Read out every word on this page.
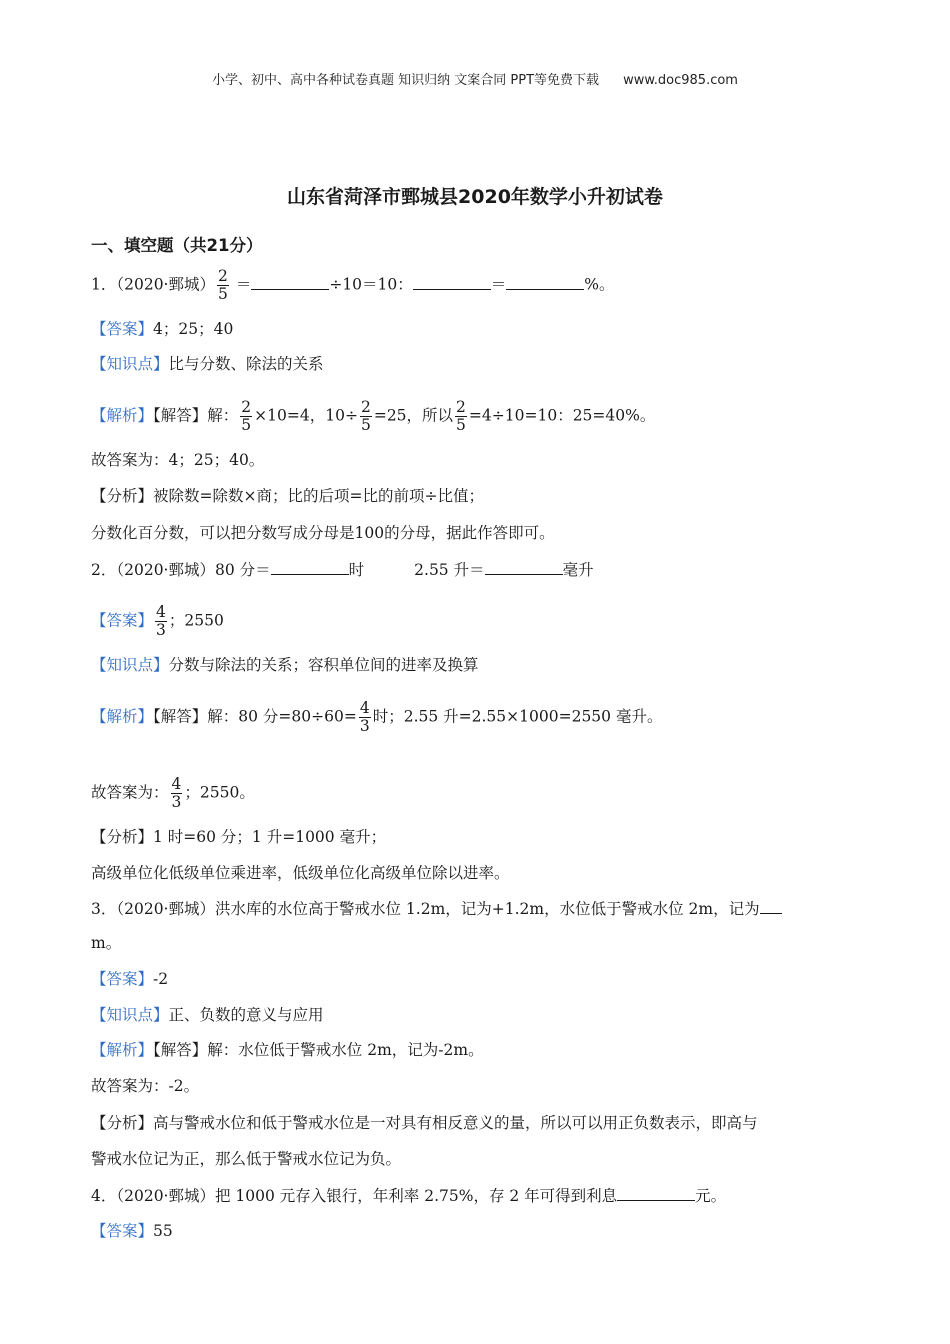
小学、初中、高中各种试卷真题 知识归纳 文案合同 PPT等免费下载 www.doc985.com
山东省菏泽市鄄城县2020年数学小升初试卷
一、填空题（共21分）
1．（2020·鄄城） $\frac{2}{5}$ ＝	÷10＝10：	＝	%。
【答案】4；25；40
【知识点】比与分数、除法的关系
【解析】【解答】解： $\frac{2}{5} \times 10=4$，$10\div \frac{2}{5} =25$，所以 $\frac{2}{5} =4\div 10=10$：25=40%。
故答案为：4；25；40。
【分析】被除数=除数×商；比的后项=比的前项÷比值；
分数化百分数，可以把分数写成分母是100的分母，据此作答即可。
2．（2020·鄄城）80 分＝	时	2.55 升＝	毫升
【答案】 $\frac{4}{3}$ ；2550
【知识点】分数与除法的关系；容积单位间的进率及换算
【解析】【解答】解：80 分$=80\div 60= \frac{4}{3}$ 时；2.55 升=2.55×1000=2550 毫升。
故答案为： $\frac{4}{3}$ ；2550。
【分析】1 时=60 分；1 升=1000 毫升；
高级单位化低级单位乘进率，低级单位化高级单位除以进率。
3．（2020·鄄城）洪水库的水位高于警戒水位 1.2m，记为+1.2m，水位低于警戒水位 2m，记为
m。
【答案】-2
【知识点】正、负数的意义与应用
【解析】【解答】解：水位低于警戒水位 2m，记为-2m。
故答案为：-2。
【分析】高与警戒水位和低于警戒水位是一对具有相反意义的量，所以可以用正负数表示，即高与
警戒水位记为正，那么低于警戒水位记为负。
4．（2020·鄄城）把 1000 元存入银行，年利率 2.75%，存 2 年可得到利息	元。
【答案】55
